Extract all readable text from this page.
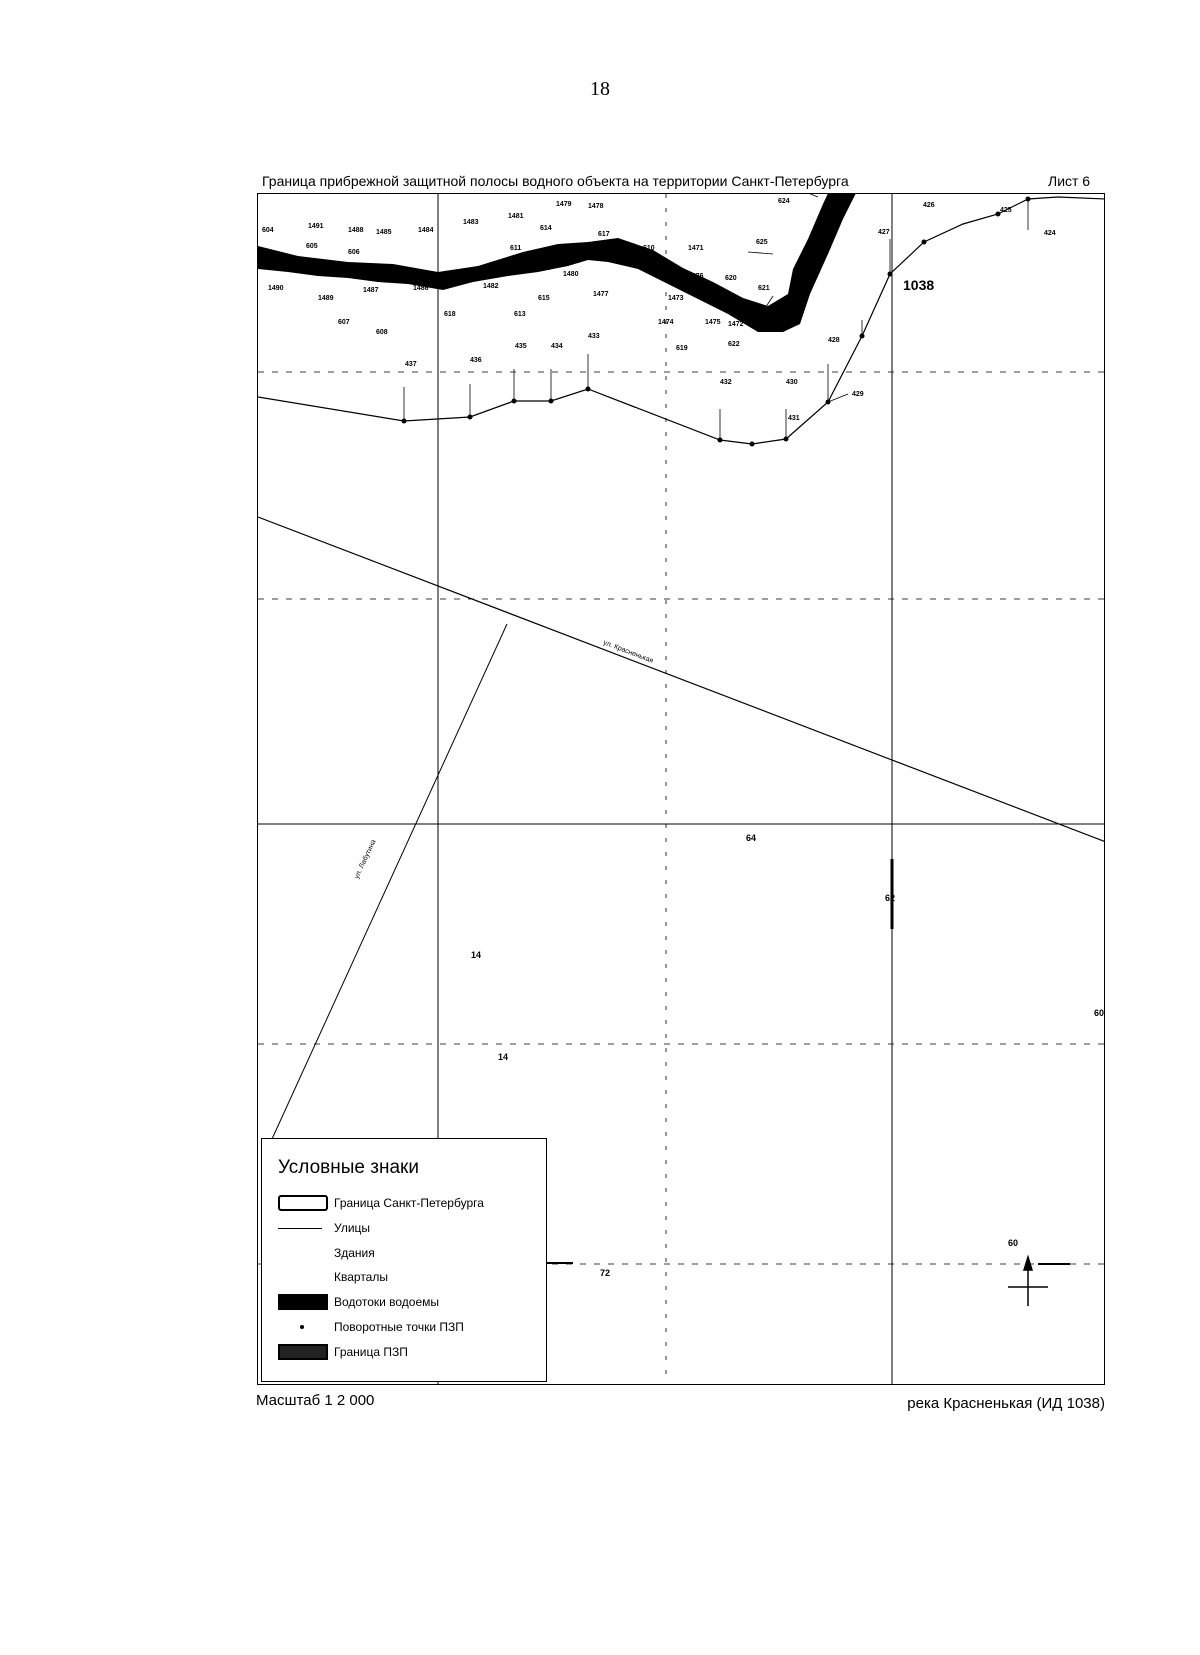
18
Граница прибрежной защитной полосы водного объекта на территории Санкт-Петербурга	Лист 6
1038
ул. Красненькая
ул. Лабутина
64
62
14
14
72
60
60
604
1491
1488 1485	1484
1483
1481
1479 1478
605
606
614
617
611
612
616
610	1471
1490
1489
1487	1486	1482
1480	1476
1477
1473
1474
607
608
618	613
615
1475 1472
619
622
620
621
623
624
625
626
427
426
425
424
437
436
435	434
433
432	430
428
429
431
Условные знаки
Граница Санкт-Петербурга
Улицы
Здания
Кварталы
Водотоки водоемы
Поворотные точки ПЗП
Граница ПЗП
Масштаб 1 2 000	река Красненькая (ИД 1038)
